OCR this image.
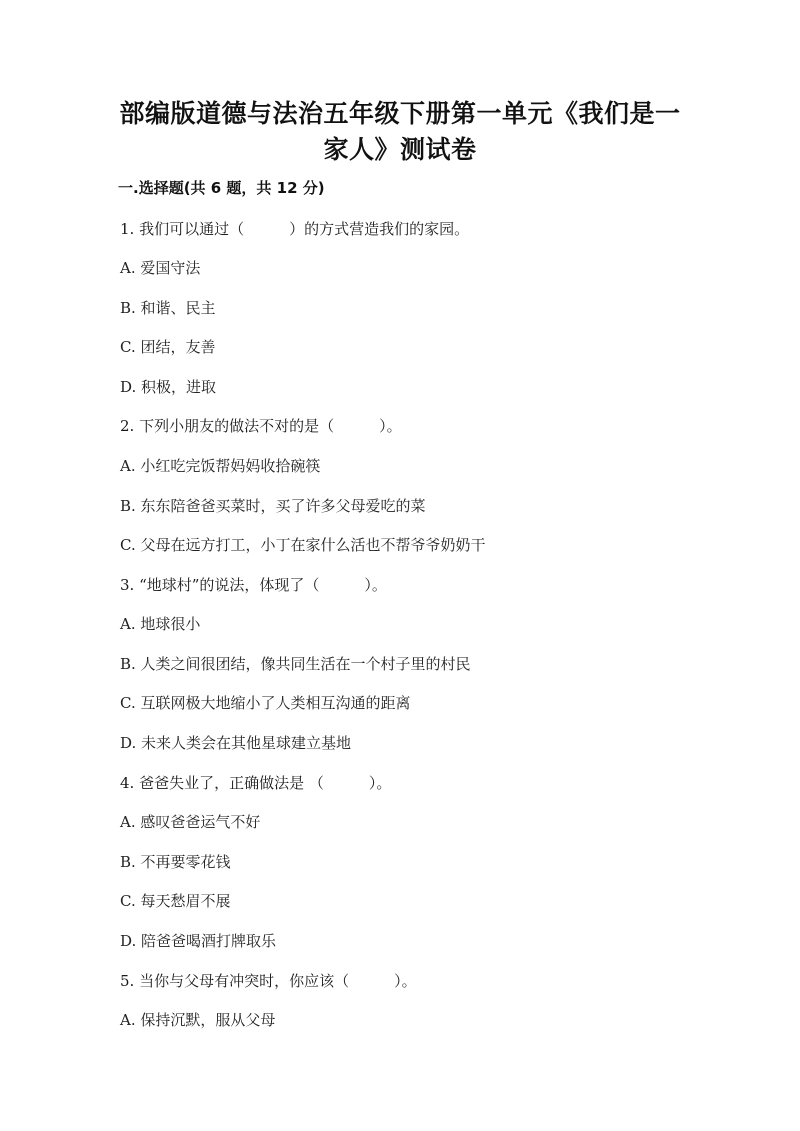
部编版道德与法治五年级下册第一单元《我们是一
家人》测试卷
一.选择题(共 6 题，共 12 分)
1. 我们可以通过（　　　）的方式营造我们的家园。
A. 爱国守法
B. 和谐、民主
C. 团结，友善
D. 积极，进取
2. 下列小朋友的做法不对的是（　　　）。
A. 小红吃完饭帮妈妈收拾碗筷
B. 东东陪爸爸买菜时，买了许多父母爱吃的菜
C. 父母在远方打工，小丁在家什么活也不帮爷爷奶奶干
3. “地球村”的说法，体现了（　　　）。
A. 地球很小
B. 人类之间很团结，像共同生活在一个村子里的村民
C. 互联网极大地缩小了人类相互沟通的距离
D. 未来人类会在其他星球建立基地
4. 爸爸失业了，正确做法是 （　　　）。
A. 感叹爸爸运气不好
B. 不再要零花钱
C. 每天愁眉不展
D. 陪爸爸喝酒打牌取乐
5. 当你与父母有冲突时，你应该（　　　）。
A. 保持沉默，服从父母
